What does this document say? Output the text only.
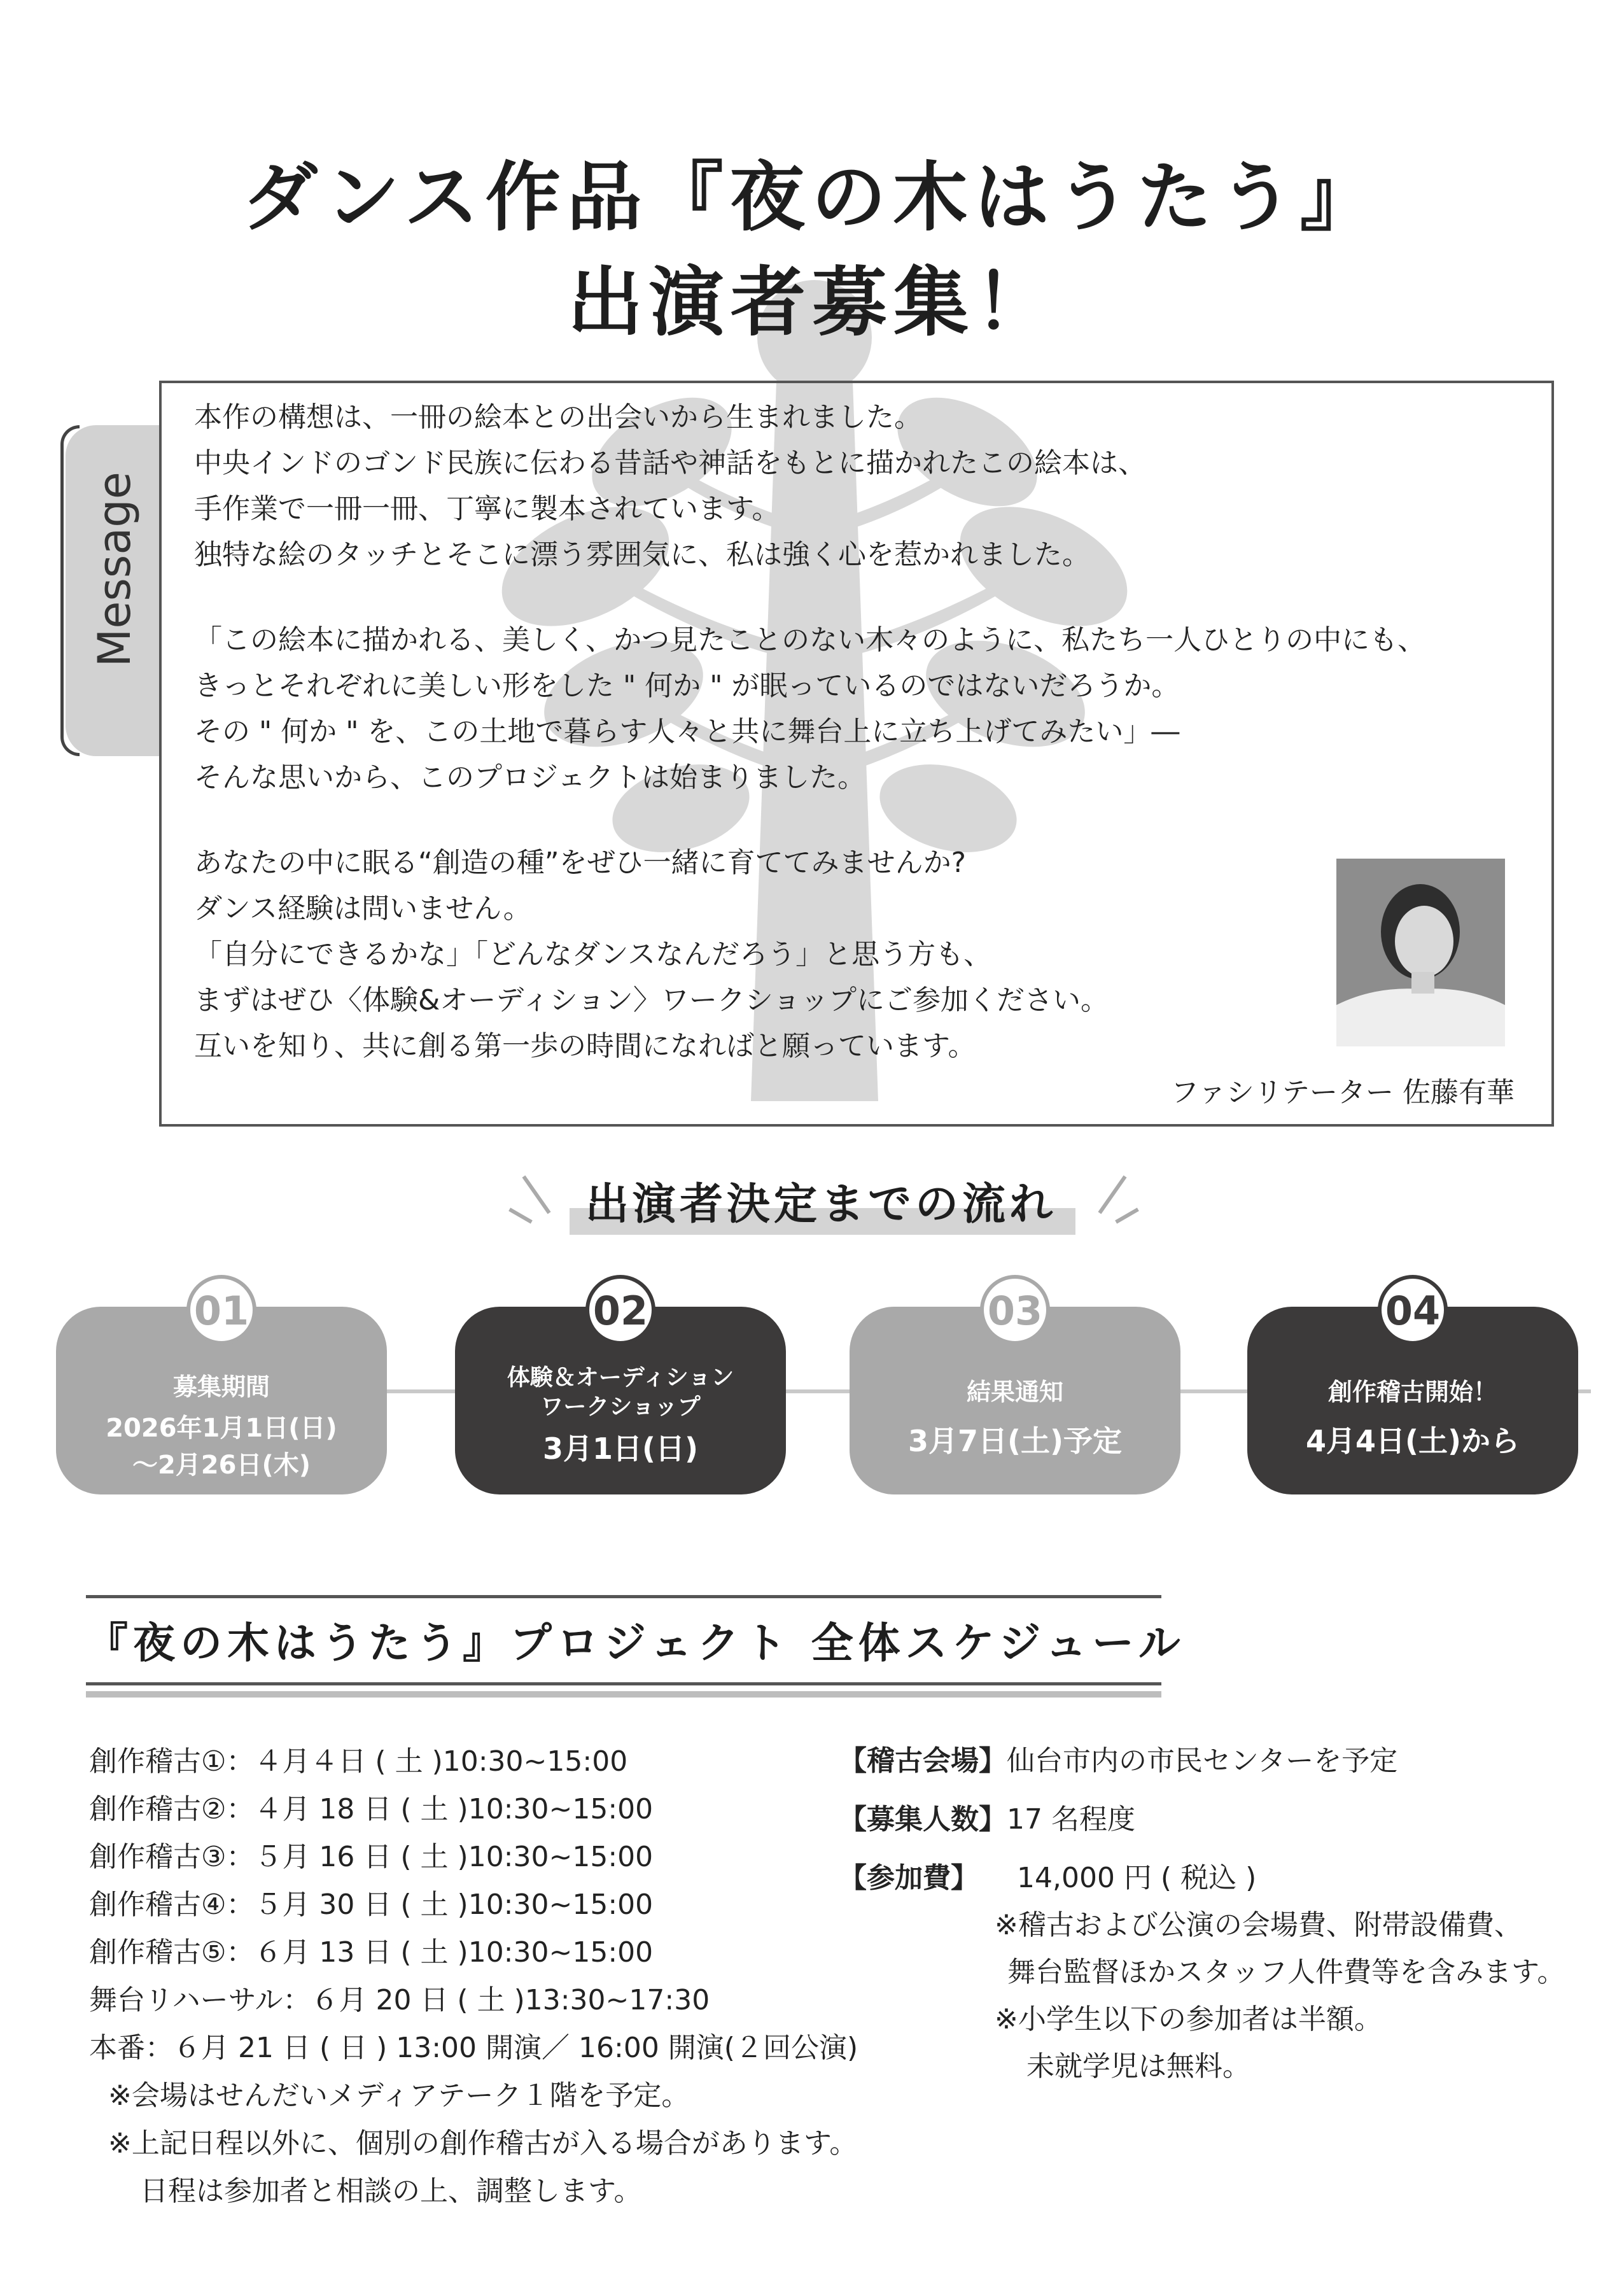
ダンス作品『夜の木はうたう』
出演者募集！
Message
本作の構想は、一冊の絵本との出会いから生まれました。
中央インドのゴンド民族に伝わる昔話や神話をもとに描かれたこの絵本は、
手作業で一冊一冊、丁寧に製本されています。
独特な絵のタッチとそこに漂う雰囲気に、私は強く心を惹かれました。
「この絵本に描かれる、美しく、かつ見たことのない木々のように、私たち一人ひとりの中にも、
きっとそれぞれに美しい形をした " 何か " が眠っているのではないだろうか。
その " 何か " を、この土地で暮らす人々と共に舞台上に立ち上げてみたい」―
そんな思いから、このプロジェクトは始まりました。
あなたの中に眠る“創造の種”をぜひ一緒に育ててみませんか?
ダンス経験は問いません。
「自分にできるかな」「どんなダンスなんだろう」と思う方も、
まずはぜひ〈体験&オーディション〉ワークショップにご参加ください。
互いを知り、共に創る第一歩の時間になればと願っています。
ファシリテーター 佐藤有華
出演者決定までの流れ
01
募集期間
2026年1月1日(日)
～2月26日(木)
02
体験＆オーディション
ワークショップ
3月1日(日)
03
結果通知
3月7日(土)予定
04
創作稽古開始！
4月4日(土)から
『夜の木はうたう』プロジェクト 全体スケジュール
創作稽古①：４月４日 ( 土 )10:30~15:00
創作稽古②：４月 18 日 ( 土 )10:30~15:00
創作稽古③：５月 16 日 ( 土 )10:30~15:00
創作稽古④：５月 30 日 ( 土 )10:30~15:00
創作稽古⑤：６月 13 日 ( 土 )10:30~15:00
舞台リハーサル：６月 20 日 ( 土 )13:30~17:30
本番：６月 21 日 ( 日 ) 13:00 開演／ 16:00 開演(２回公演)
※会場はせんだいメディアテーク１階を予定。
※上記日程以外に、個別の創作稽古が入る場合があります。
日程は参加者と相談の上、調整します。
【稽古会場】仙台市内の市民センターを予定
【募集人数】17 名程度
【参加費】 14,000 円 ( 税込 )
※稽古および公演の会場費、附帯設備費、
舞台監督ほかスタッフ人件費等を含みます。
※小学生以下の参加者は半額。
未就学児は無料。
